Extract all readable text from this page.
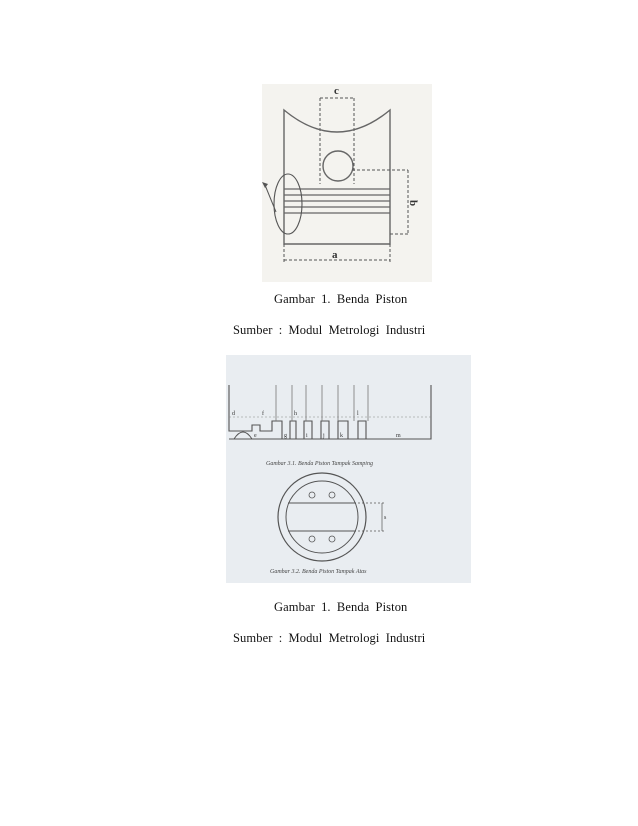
c
b
a
Gambar 1. Benda Piston
Sumber : Modul Metrologi Industri
d	f
e	g
h
i	j	k
l
m
Gambar 3.1. Benda Piston Tampak Samping
s
Gambar 3.2. Benda Piston Tampak Atas
Gambar 1. Benda Piston
Sumber : Modul Metrologi Industri
